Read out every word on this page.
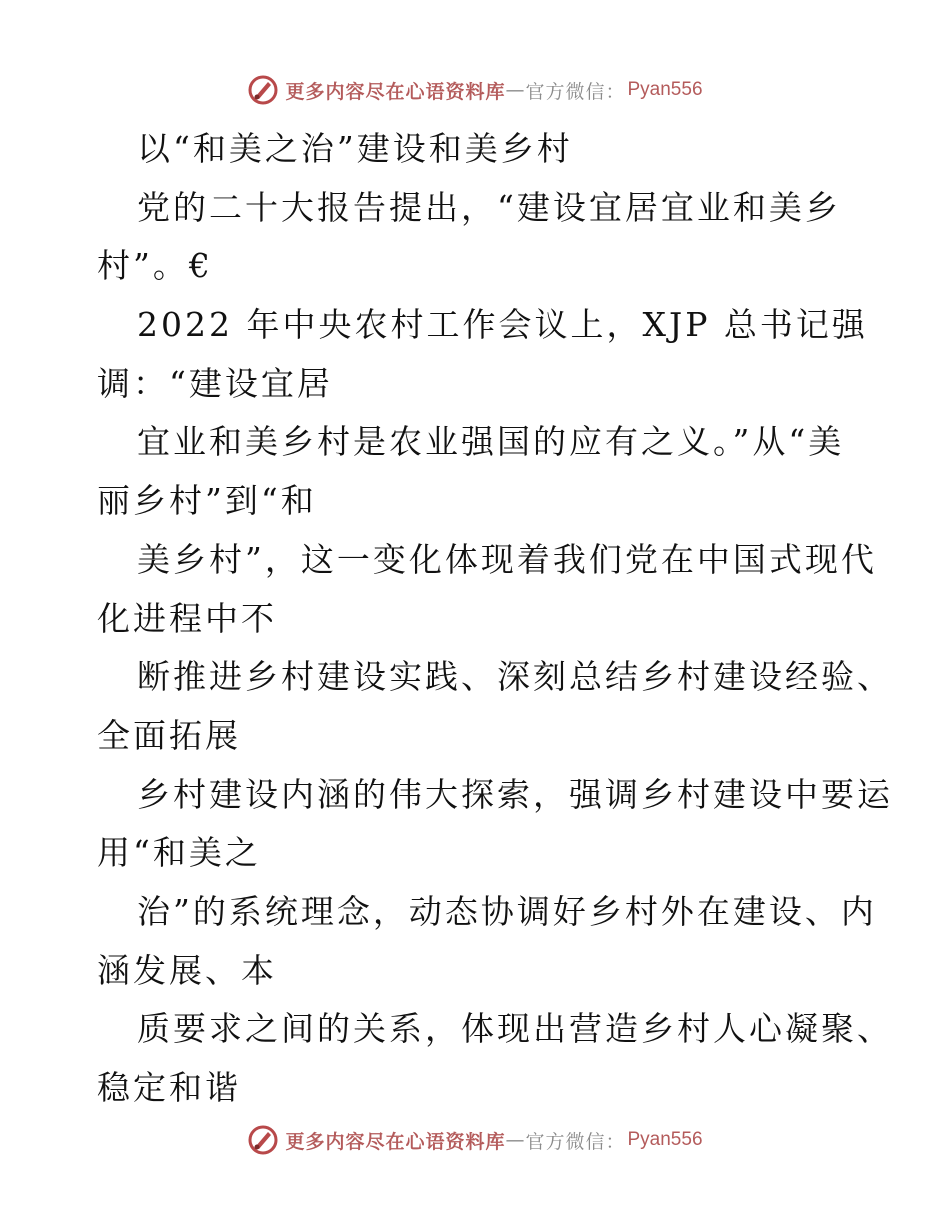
更多内容尽在心语资料库 — 官方微信： Pyan556
以“和美之治”建设和美乡村
党的二十大报告提出，“建设宜居宜业和美乡
村”。€
2022 年中央农村工作会议上，XJP 总书记强
调：“建设宜居
宜业和美乡村是农业强国的应有之义。”从“美
丽乡村”到“和
美乡村”，这一变化体现着我们党在中国式现代
化进程中不
断推进乡村建设实践、深刻总结乡村建设经验、
全面拓展
乡村建设内涵的伟大探索，强调乡村建设中要运
用“和美之
治”的系统理念，动态协调好乡村外在建设、内
涵发展、本
质要求之间的关系，体现出营造乡村人心凝聚、
稳定和谐
更多内容尽在心语资料库 — 官方微信： Pyan556
